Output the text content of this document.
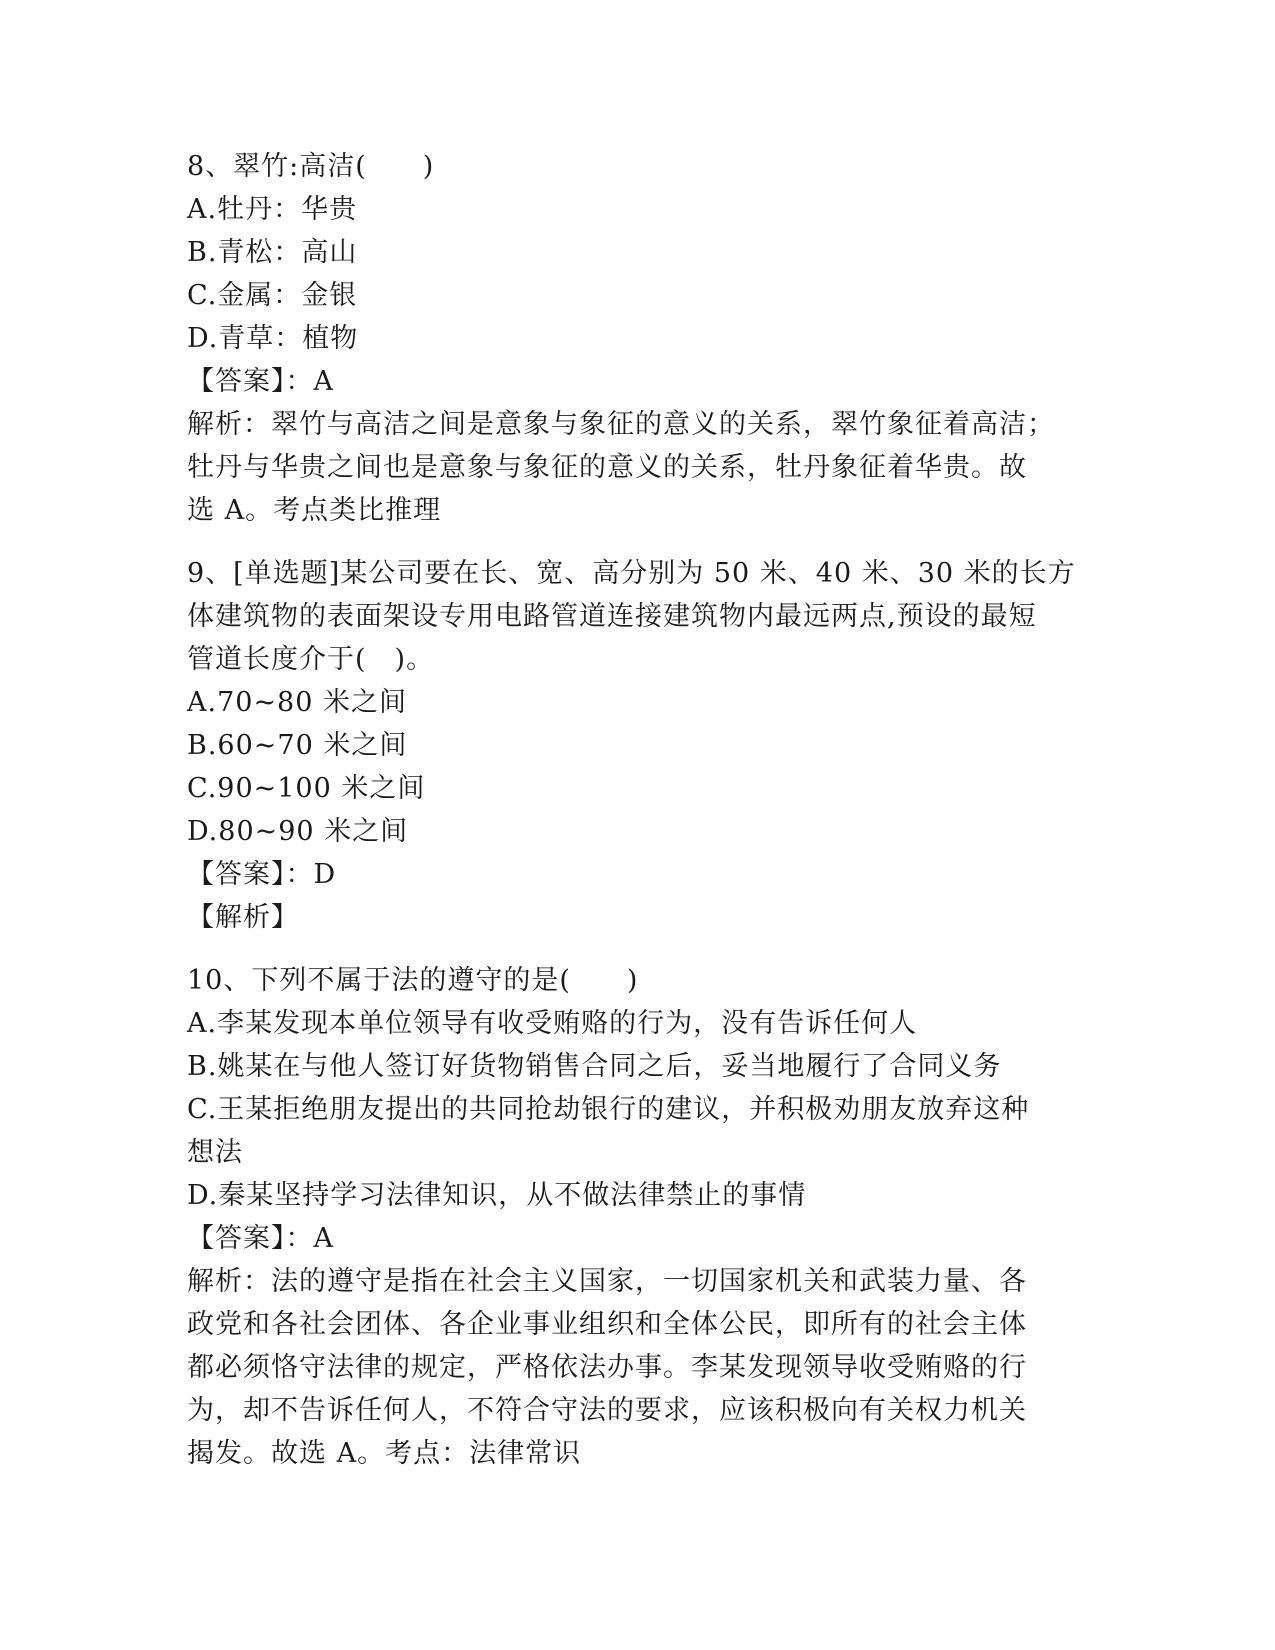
8、翠竹:高洁(　　)
A.牡丹：华贵
B.青松：高山
C.金属：金银
D.青草：植物
【答案】：A
解析：翠竹与高洁之间是意象与象征的意义的关系，翠竹象征着高洁；
牡丹与华贵之间也是意象与象征的意义的关系，牡丹象征着华贵。故
选 A。考点类比推理
9、[单选题]某公司要在长、宽、高分别为 50 米、40 米、30 米的长方
体建筑物的表面架设专用电路管道连接建筑物内最远两点,预设的最短
管道长度介于(　)。
A.70~80 米之间
B.60~70 米之间
C.90~100 米之间
D.80~90 米之间
【答案】：D
【解析】
10、下列不属于法的遵守的是(　　)
A.李某发现本单位领导有收受贿赂的行为，没有告诉任何人
B.姚某在与他人签订好货物销售合同之后，妥当地履行了合同义务
C.王某拒绝朋友提出的共同抢劫银行的建议，并积极劝朋友放弃这种
想法
D.秦某坚持学习法律知识，从不做法律禁止的事情
【答案】：A
解析：法的遵守是指在社会主义国家，一切国家机关和武装力量、各
政党和各社会团体、各企业事业组织和全体公民，即所有的社会主体
都必须恪守法律的规定，严格依法办事。李某发现领导收受贿赂的行
为，却不告诉任何人，不符合守法的要求，应该积极向有关权力机关
揭发。故选 A。考点：法律常识
